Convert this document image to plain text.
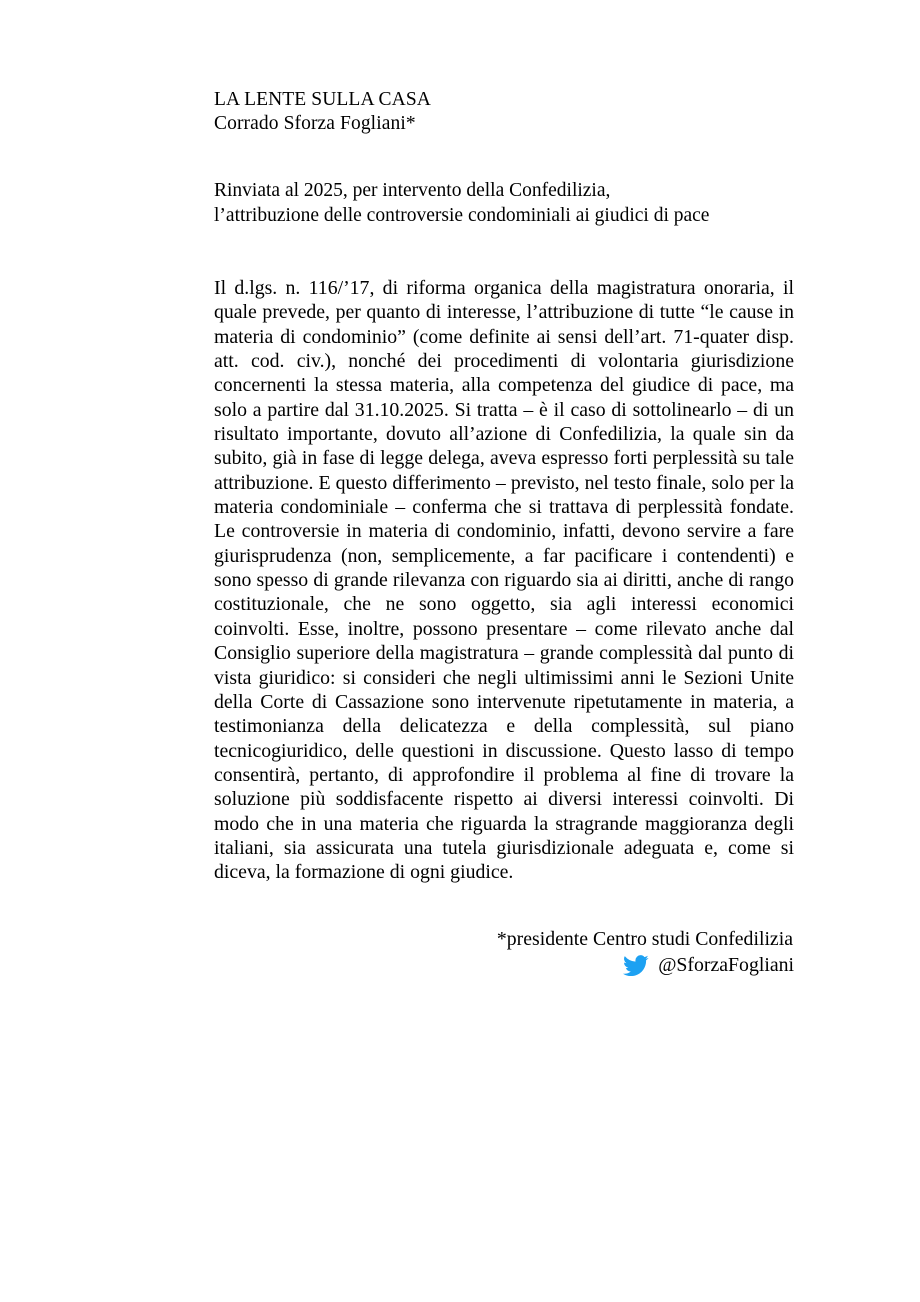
LA LENTE SULLA CASA
Corrado Sforza Fogliani*
Rinviata al 2025, per intervento della Confedilizia,
l’attribuzione delle controversie condominiali ai giudici di pace

Il d.lgs. n. 116/’17, di riforma organica della magistratura onoraria, il quale prevede, per quanto di interesse, l’attribuzione di tutte “le cause in materia di condominio” (come definite ai sensi dell’art. 71-quater disp. att. cod. civ.), nonché dei procedimenti di volontaria giurisdizione concernenti la stessa materia, alla competenza del giudice di pace, ma solo a partire dal 31.10.2025. Si tratta – è il caso di sottolinearlo – di un risultato importante, dovuto all’azione di Confedilizia, la quale sin da subito, già in fase di legge delega, aveva espresso forti perplessità su tale attribuzione. E questo differimento – previsto, nel testo finale, solo per la materia condominiale – conferma che si trattava di perplessità fondate. Le controversie in materia di condominio, infatti, devono servire a fare giurisprudenza (non, semplicemente, a far pacificare i contendenti) e sono spesso di grande rilevanza con riguardo sia ai diritti, anche di rango costituzionale, che ne sono oggetto, sia agli interessi economici coinvolti. Esse, inoltre, possono presentare – come rilevato anche dal Consiglio superiore della magistratura – grande complessità dal punto di vista giuridico: si consideri che negli ultimissimi anni le Sezioni Unite della Corte di Cassazione sono intervenute ripetutamente in materia, a testimonianza della delicatezza e della complessità, sul piano tecnicogiuridico, delle questioni in discussione. Questo lasso di tempo consentirà, pertanto, di approfondire il problema al fine di trovare la soluzione più soddisfacente rispetto ai diversi interessi coinvolti. Di modo che in una materia che riguarda la stragrande maggioranza degli italiani, sia assicurata una tutela giurisdizionale adeguata e, come si diceva, la formazione di ogni giudice.

*presidente Centro studi Confedilizia
@SforzaFogliani
